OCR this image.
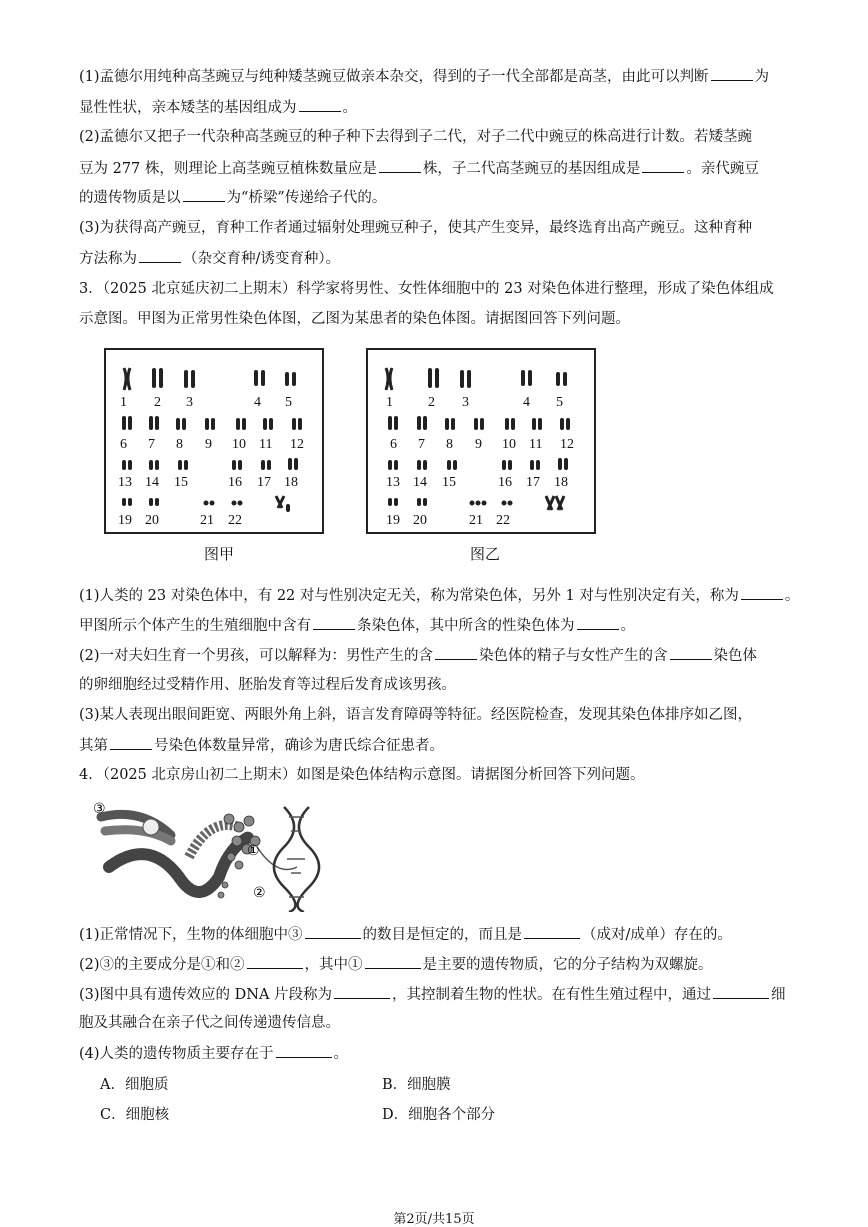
(1)孟德尔用纯种高茎豌豆与纯种矮茎豌豆做亲本杂交，得到的子一代全部都是高茎，由此可以判断	为
显性性状，亲本矮茎的基因组成为	。
(2)孟德尔又把子一代杂种高茎豌豆的种子种下去得到子二代，对子二代中豌豆的株高进行计数。若矮茎豌
豆为 277 株，则理论上高茎豌豆植株数量应是	株，子二代高茎豌豆的基因组成是	。亲代豌豆
的遗传物质是以	为“桥梁”传递给子代的。
(3)为获得高产豌豆，育种工作者通过辐射处理豌豆种子，使其产生变异，最终选育出高产豌豆。这种育种
方法称为	（杂交育种/诱变育种）。
3．（2025 北京延庆初二上期末）科学家将男性、女性体细胞中的 23 对染色体进行整理，形成了染色体组成
示意图。甲图为正常男性染色体图，乙图为某患者的染色体图。请据图回答下列问题。
1 2 3	4 5
6 7 8 9 10 11 12
13 14 15	16 17 18
19 20	21 22
图甲
1	2 3	4 5
6 7 8 9 10 11 12
13 14 15	16 17 18
19 20	21 22
图乙
(1)人类的 23 对染色体中，有 22 对与性别决定无关，称为常染色体，另外 1 对与性别决定有关，称为	。
甲图所示个体产生的生殖细胞中含有	条染色体，其中所含的性染色体为	。
(2)一对夫妇生育一个男孩，可以解释为：男性产生的含	染色体的精子与女性产生的含	染色体
的卵细胞经过受精作用、胚胎发育等过程后发育成该男孩。
(3)某人表现出眼间距宽、两眼外角上斜，语言发育障碍等特征。经医院检查，发现其染色体排序如乙图，
其第	号染色体数量异常，确诊为唐氏综合征患者。
4．（2025 北京房山初二上期末）如图是染色体结构示意图。请据图分析回答下列问题。
③
①
②
(1)正常情况下，生物的体细胞中③	的数目是恒定的，而且是	（成对/成单）存在的。
(2)③的主要成分是①和②	，其中①	是主要的遗传物质，它的分子结构为双螺旋。
(3)图中具有遗传效应的 DNA 片段称为	，其控制着生物的性状。在有性生殖过程中，通过	细
胞及其融合在亲子代之间传递遗传信息。
(4)人类的遗传物质主要存在于	。
A．细胞质	B．细胞膜
C．细胞核	D．细胞各个部分
第2页/共15页
